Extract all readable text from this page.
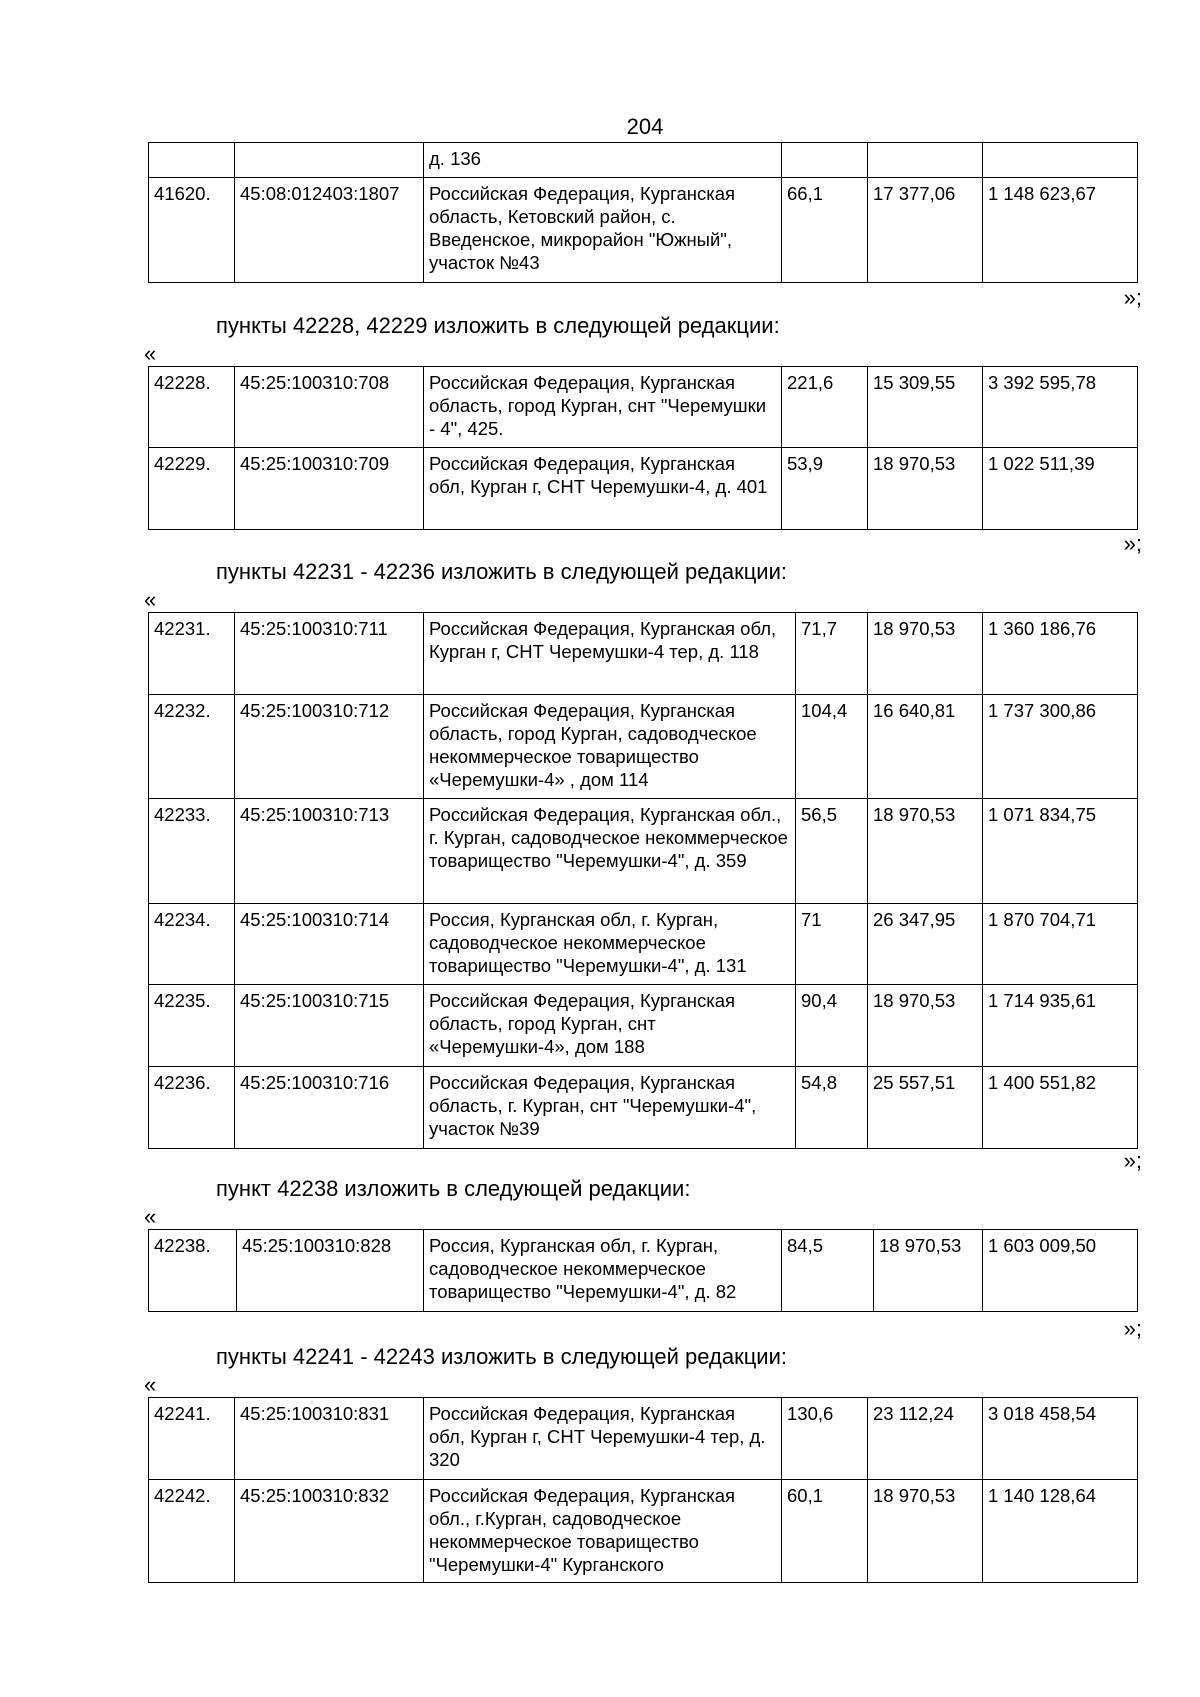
204
		д. 136			
41620.	45:08:012403:1807	Российская Федерация, Курганская область, Кетовский район, с. Введенское, микрорайон "Южный", участок №43	66,1	17 377,06	1 148 623,67
»;
пункты 42228, 42229 изложить в следующей редакции:
«
42228.	45:25:100310:708	Российская Федерация, Курганская область, город Курган, снт "Черемушки - 4", 425.	221,6	15 309,55	3 392 595,78
42229.	45:25:100310:709	Российская Федерация, Курганская обл, Курган г, СНТ Черемушки-4, д. 401	53,9	18 970,53	1 022 511,39
»;
пункты 42231 - 42236 изложить в следующей редакции:
«
42231.	45:25:100310:711	Российская Федерация, Курганская обл, Курган г, СНТ Черемушки-4 тер, д. 118	71,7	18 970,53	1 360 186,76
42232.	45:25:100310:712	Российская Федерация, Курганская область, город Курган, садоводческое некоммерческое товарищество «Черемушки-4» , дом 114	104,4	16 640,81	1 737 300,86
42233.	45:25:100310:713	Российская Федерация, Курганская обл., г. Курган, садоводческое некоммерческое товарищество "Черемушки-4", д. 359	56,5	18 970,53	1 071 834,75
42234.	45:25:100310:714	Россия, Курганская обл, г. Курган, садоводческое некоммерческое товарищество "Черемушки-4", д. 131	71	26 347,95	1 870 704,71
42235.	45:25:100310:715	Российская Федерация, Курганская область, город Курган, снт «Черемушки-4», дом 188	90,4	18 970,53	1 714 935,61
42236.	45:25:100310:716	Российская Федерация, Курганская область, г. Курган, снт "Черемушки-4", участок №39	54,8	25 557,51	1 400 551,82
»;
пункт 42238 изложить в следующей редакции:
«
42238.	45:25:100310:828	Россия, Курганская обл, г. Курган, садоводческое некоммерческое товарищество "Черемушки-4", д. 82	84,5	18 970,53	1 603 009,50
»;
пункты 42241 - 42243 изложить в следующей редакции:
«
42241.	45:25:100310:831	Российская Федерация, Курганская обл, Курган г, СНТ Черемушки-4 тер, д. 320	130,6	23 112,24	3 018 458,54
42242.	45:25:100310:832	Российская Федерация, Курганская обл., г.Курган, садоводческое некоммерческое товарищество "Черемушки-4" Курганского	60,1	18 970,53	1 140 128,64
